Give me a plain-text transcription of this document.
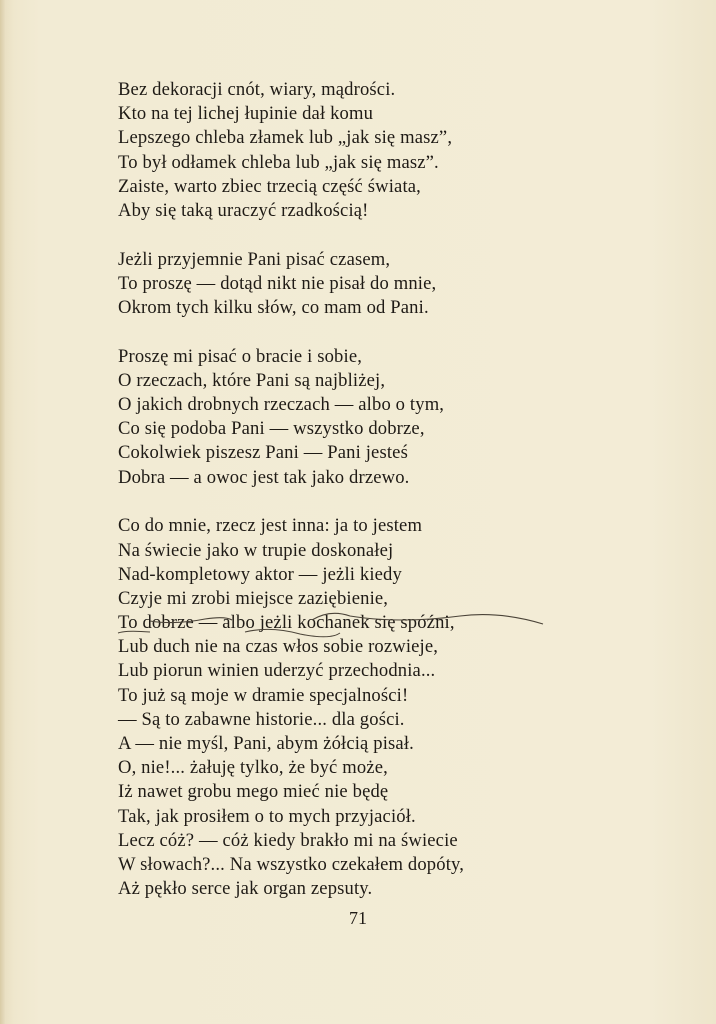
Bez dekoracji cnót, wiary, mądrości.
Kto na tej lichej łupinie dał komu
Lepszego chleba złamek lub „jak się masz”,
To był odłamek chleba lub „jak się masz”.
Zaiste, warto zbiec trzecią część świata,
Aby się taką uraczyć rzadkością!
Jeżli przyjemnie Pani pisać czasem,
To proszę — dotąd nikt nie pisał do mnie,
Okrom tych kilku słów, co mam od Pani.
Proszę mi pisać o bracie i sobie,
O rzeczach, które Pani są najbliżej,
O jakich drobnych rzeczach — albo o tym,
Co się podoba Pani — wszystko dobrze,
Cokolwiek piszesz Pani — Pani jesteś
Dobra — a owoc jest tak jako drzewo.
Co do mnie, rzecz jest inna: ja to jestem
Na świecie jako w trupie doskonałej
Nad-kompletowy aktor — jeżli kiedy
Czyje mi zrobi miejsce zaziębienie,
To dobrze — albo jeżli kochanek się spóźni,
Lub duch nie na czas włos sobie rozwieje,
Lub piorun winien uderzyć przechodnia...
To już są moje w dramie specjalności!
— Są to zabawne historie... dla gości.
A — nie myśl, Pani, abym żółcią pisał.
O, nie!... żałuję tylko, że być może,
Iż nawet grobu mego mieć nie będę
Tak, jak prosiłem o to mych przyjaciół.
Lecz cóż? — cóż kiedy brakło mi na świecie
W słowach?... Na wszystko czekałem dopóty,
Aż pękło serce jak organ zepsuty.
71
